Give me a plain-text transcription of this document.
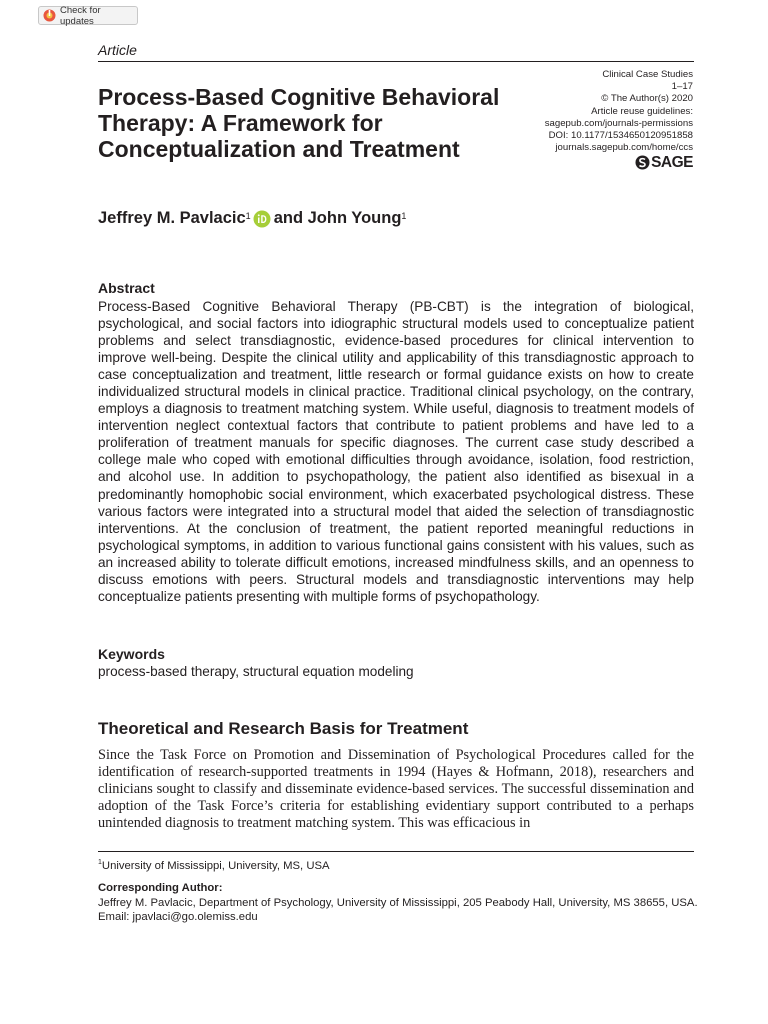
Check for updates
Article
Process-Based Cognitive Behavioral Therapy: A Framework for Conceptualization and Treatment
Clinical Case Studies
1–17
© The Author(s) 2020
Article reuse guidelines:
sagepub.com/journals-permissions
DOI: 10.1177/1534650120951858
journals.sagepub.com/home/ccs
SAGE
Jeffrey M. Pavlacic$^1$ and John Young$^1$
Abstract

Process-Based Cognitive Behavioral Therapy (PB-CBT) is the integration of biological, psychological, and social factors into idiographic structural models used to conceptualize patient problems and select transdiagnostic, evidence-based procedures for clinical intervention to improve well-being. Despite the clinical utility and applicability of this transdiagnostic approach to case conceptualization and treatment, little research or formal guidance exists on how to create individualized structural models in clinical practice. Traditional clinical psychology, on the contrary, employs a diagnosis to treatment matching system. While useful, diagnosis to treatment models of intervention neglect contextual factors that contribute to patient problems and have led to a proliferation of treatment manuals for specific diagnoses. The current case study described a college male who coped with emotional difficulties through avoidance, isolation, food restriction, and alcohol use. In addition to psychopathology, the patient also identified as bisexual in a predominantly homophobic social environment, which exacerbated psychological distress. These various factors were integrated into a structural model that aided the selection of transdiagnostic interventions. At the conclusion of treatment, the patient reported meaningful reductions in psychological symptoms, in addition to various functional gains consistent with his values, such as an increased ability to tolerate difficult emotions, increased mindfulness skills, and an openness to discuss emotions with peers. Structural models and transdiagnostic interventions may help conceptualize patients presenting with multiple forms of psychopathology.

Keywords
process-based therapy, structural equation modeling
Theoretical and Research Basis for Treatment

Since the Task Force on Promotion and Dissemination of Psychological Procedures called for the identification of research-supported treatments in 1994 (Hayes & Hofmann, 2018), researchers and clinicians sought to classify and disseminate evidence-based services. The successful dissemination and adoption of the Task Force’s criteria for establishing evidentiary support contributed to a perhaps unintended diagnosis to treatment matching system. This was efficacious in

$^1$University of Mississippi, University, MS, USA
Corresponding Author:
Jeffrey M. Pavlacic, Department of Psychology, University of Mississippi, 205 Peabody Hall, University, MS 38655, USA.
Email: jpavlaci@go.olemiss.edu
